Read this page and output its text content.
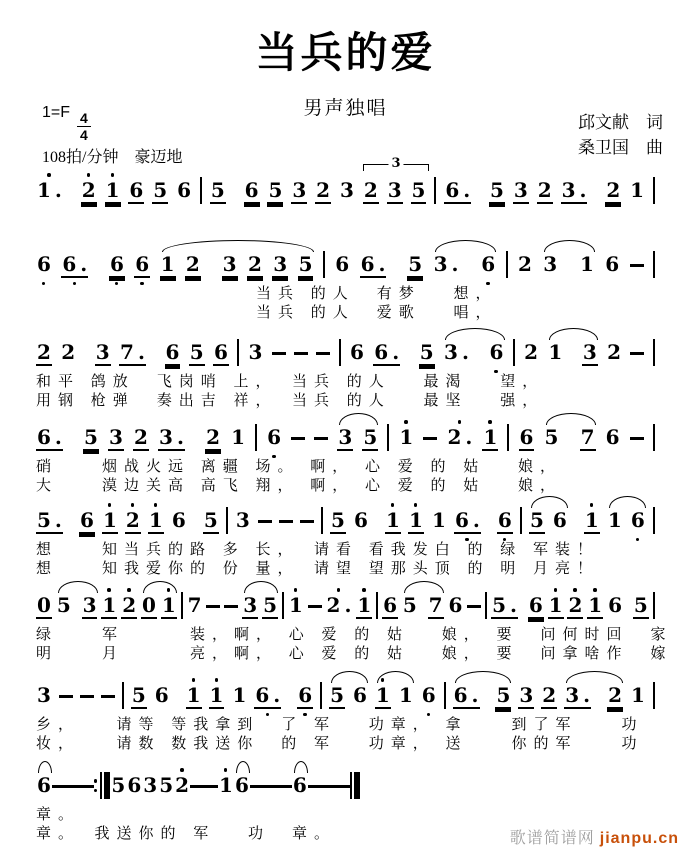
当兵的爱
男声独唱
$1=F \frac{4}{4}$
108拍/分钟　豪迈地
邱文献　词
桑卫国　曲
1 . 2 1 6 5 6 5 6 5 3 2 3 2 3 5 6 . 5 3 2 3 . 2 1
3
6 6 . 6 6 1 2 3 2 3 5 6 6 . 5 3 . 6 2 3 1 6
　　　　　　　　　　当兵 的人　有梦　 想，
　　　　　　　　　　当兵 的人　爱歌　 唱，
2 2 3 7 . 6 5 6 3	6 6 . 5 3 . 6 2 1 3 2
和平 鸽放　飞岗哨 上，　当兵 的人　 最渴　 望，
用钢 枪弹　奏出吉 祥，　当兵 的人　 最坚　 强，
6 . 5 3 2 3 . 2 1 6	3 5 1 2 . 1 6 5 7 6
硝　　烟战火远 离疆 场。 啊， 心 爱 的 姑　 娘，
大　　漠边关高 高飞 翔， 啊， 心 爱 的 姑　 娘，
5 . 6 1 2 1 6 5 3	5 6 1 1 1 6 . 6 5 6 1 1 6
想　　知当兵的路 多 长，　请看 看我发白 的 绿 军装！
想　　知我爱你的 份 量，　请望 望那头顶 的 明 月亮！
0 5 3 1 2 0 1 7 3 5 1 2 . 1 6 5 7 6 5 . 6 1 2 1 6 5
绿　　军　　　装，啊， 心 爱 的 姑　 娘， 要　问何时回　家
明　　月　　　亮，啊， 心 爱 的 姑　 娘， 要　问拿啥作　嫁
3	5 6 1 1 1 6 . 6 5 6 1 1 6 6 . 5 3 2 3 . 2 1
乡，　　请等 等我拿到　了 军　 功章， 拿　　到了军　　功
妆，　　请数 数我送你　的 军　 功章， 送　　你的军　　功
6	5 6 3 5 2 1 6 6
章。
章。　我送你的 军　 功　章。	歌谱简谱网 jianpu.cn
